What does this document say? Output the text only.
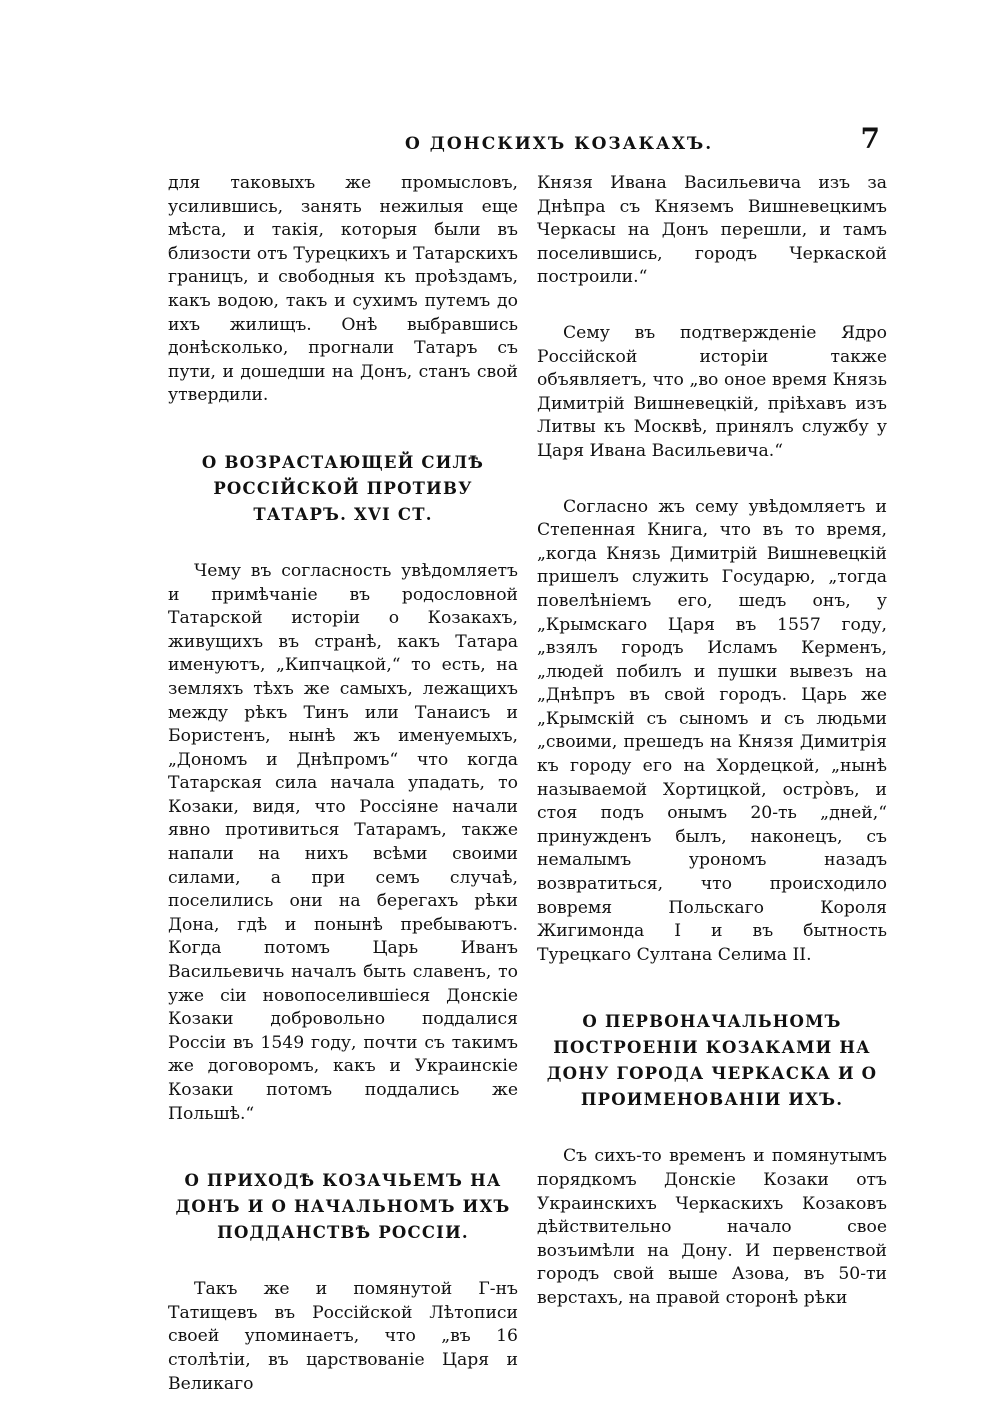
О ДОНСКИХЪ КОЗАКАХЪ.	7

для таковыхъ же промысловъ, усилившись, занять нежилыя еще мѣста, и такія, которыя были въ близости отъ Турецкихъ и Татарскихъ границъ, и свободныя къ проѣздамъ, какъ водою, такъ и сухимъ путемъ до ихъ жилищъ. Онѣ выбравшись донѣсколько, прогнали Татаръ съ пути, и дошедши на Донъ, станъ свой утвердили.

О ВОЗРАСТАЮЩЕЙ СИЛѢ РОССІЙСКОЙ ПРОТИВУ ТАТАРЪ. XVI СТ.

Чему въ согласность увѣдомляетъ и примѣчаніе въ родословной Татарской исторіи о Козакахъ, живущихъ въ странѣ, какъ Татара именуютъ, „Кипчацкой,“ то есть, на земляхъ тѣхъ же самыхъ, лежащихъ между рѣкъ Тинъ или Танаисъ и Бористенъ, нынѣ жъ именуемыхъ, „Дономъ и Днѣпромъ“ что когда Татарская сила начала упадать, то Козаки, видя, что Россіяне начали явно противиться Татарамъ, также напали на нихъ всѣми своими силами, а при семъ случаѣ, поселились они на берегахъ рѣки Дона, гдѣ и понынѣ пребываютъ. Когда потомъ Царь Иванъ Васильевичь началъ быть славенъ, то уже сіи новопоселившіеся Донскіе Козаки добровольно поддалися Россіи въ 1549 году, почти съ такимъ же договоромъ, какъ и Украинскіе Козаки потомъ поддались же Польшѣ.“

О ПРИХОДѢ КОЗАЧЬЕМЪ НА ДОНЪ И О НАЧАЛЬНОМЪ ИХЪ ПОДДАНСТВѢ РОССІИ.

Такъ же и помянутой Г-нъ Татищевъ въ Россійской Лѣтописи своей упоминаетъ, что „въ 16 столѣтіи, въ царствованіе Царя и Великаго

Князя Ивана Васильевича изъ за Днѣпра съ Княземъ Вишневецкимъ Черкасы на Донъ перешли, и тамъ поселившись, городъ Черкаской построили.“

Сему въ подтвержденіе Ядро Россійской исторіи также объявляетъ, что „во оное время Князь Димитрій Вишневецкій, пріѣхавъ изъ Литвы къ Москвѣ, принялъ службу у Царя Ивана Васильевича.“

Согласно жъ сему увѣдомляетъ и Степенная Книга, что въ то время, „когда Князь Димитрій Вишневецкій пришелъ служить Государю, „тогда повелѣніемъ его, шедъ онъ, у „Крымскаго Царя въ 1557 году, „взялъ городъ Исламъ Керменъ, „людей побилъ и пушки вывезъ на „Днѣпръ въ свой городъ. Царь же „Крымскій съ сыномъ и съ людьми „своими, прешедъ на Князя Димитрія къ городу его на Хордецкой, „нынѣ называемой Хортицкой, острòвъ, и стоя подъ онымъ 20-ть „дней,“ принужденъ былъ, наконецъ, съ немалымъ урономъ назадъ возвратиться, что происходило вовремя Польскаго Короля Жигимонда I и въ бытность Турецкаго Султана Селима II.

О ПЕРВОНАЧАЛЬНОМЪ ПОСТРОЕНІИ КОЗАКАМИ НА ДОНУ ГОРОДА ЧЕРКАСКА И О ПРОИМЕНОВАНІИ ИХЪ.

Съ сихъ-то временъ и помянутымъ порядкомъ Донскіе Козаки отъ Украинскихъ Черкаскихъ Козаковъ дѣйствительно начало свое возъимѣли на Дону. И первенствой городъ свой выше Азова, въ 50-ти верстахъ, на правой сторонѣ рѣки
